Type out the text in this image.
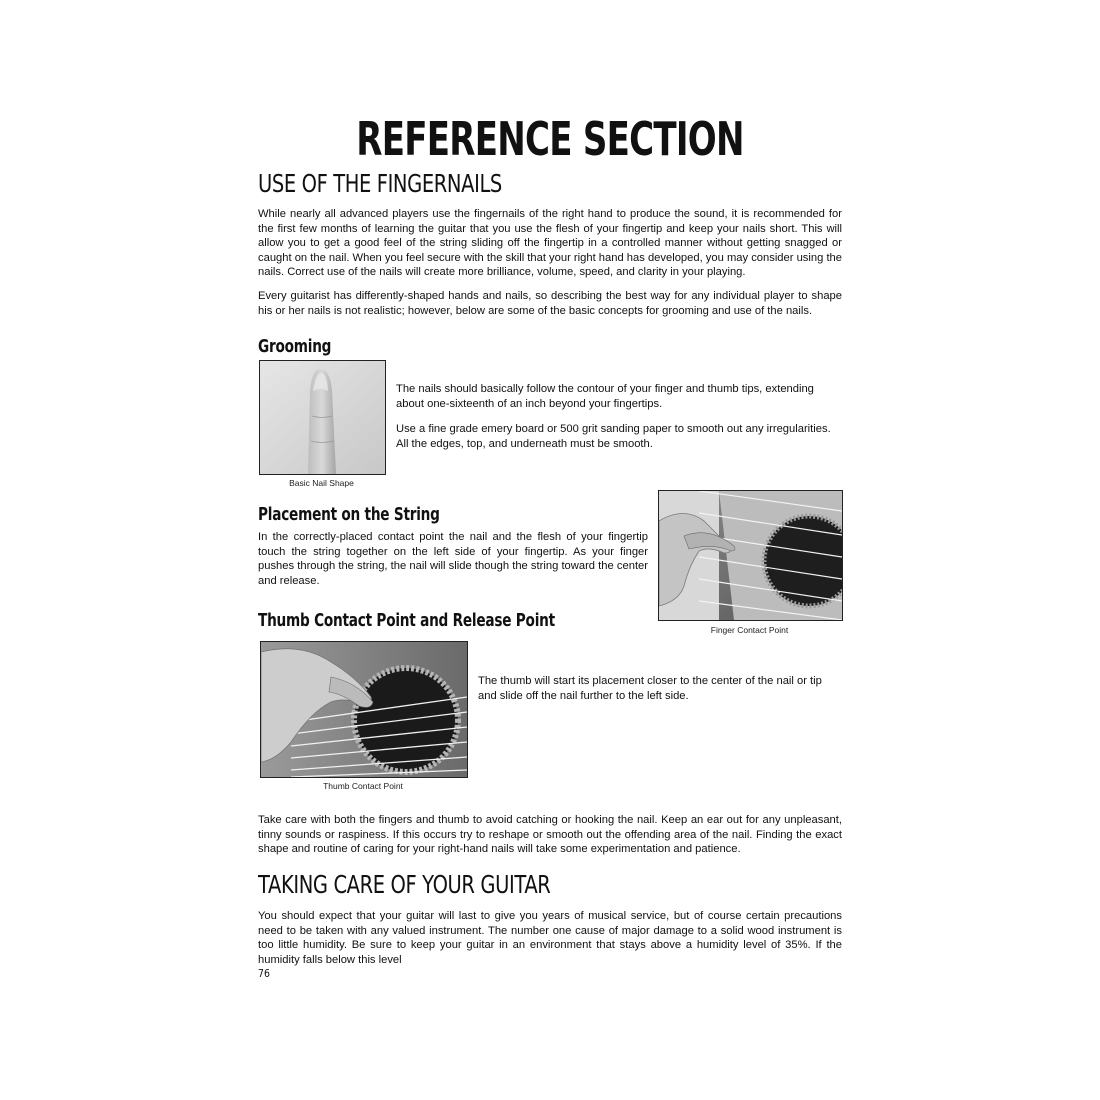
REFERENCE SECTION
USE OF THE FINGERNAILS

While nearly all advanced players use the fingernails of the right hand to produce the sound, it is recommended for the first few months of learning the guitar that you use the flesh of your fingertip and keep your nails short. This will allow you to get a good feel of the string sliding off the fingertip in a controlled manner without getting snagged or caught on the nail. When you feel secure with the skill that your right hand has developed, you may consider using the nails. Correct use of the nails will create more brilliance, volume, speed, and clarity in your playing.

Every guitarist has differently-shaped hands and nails, so describing the best way for any individual player to shape his or her nails is not realistic; however, below are some of the basic concepts for grooming and use of the nails.

Grooming
Basic Nail Shape

The nails should basically follow the contour of your finger and thumb tips, extending about one-sixteenth of an inch beyond your fingertips.

Use a fine grade emery board or 500 grit sanding paper to smooth out any irregularities. All the edges, top, and underneath must be smooth.

Placement on the String

In the correctly-placed contact point the nail and the flesh of your fingertip touch the string together on the left side of your fingertip. As your finger pushes through the string, the nail will slide though the string toward the center and release.

Finger Contact Point
Thumb Contact Point and Release Point
Thumb Contact Point

The thumb will start its placement closer to the center of the nail or tip and slide off the nail further to the left side.

Take care with both the fingers and thumb to avoid catching or hooking the nail. Keep an ear out for any unpleasant, tinny sounds or raspiness. If this occurs try to reshape or smooth out the offending area of the nail. Finding the exact shape and routine of caring for your right-hand nails will take some experimentation and patience.

TAKING CARE OF YOUR GUITAR

You should expect that your guitar will last to give you years of musical service, but of course certain precautions need to be taken with any valued instrument. The number one cause of major damage to a solid wood instrument is too little humidity. Be sure to keep your guitar in an environment that stays above a humidity level of 35%. If the humidity falls below this level

76
